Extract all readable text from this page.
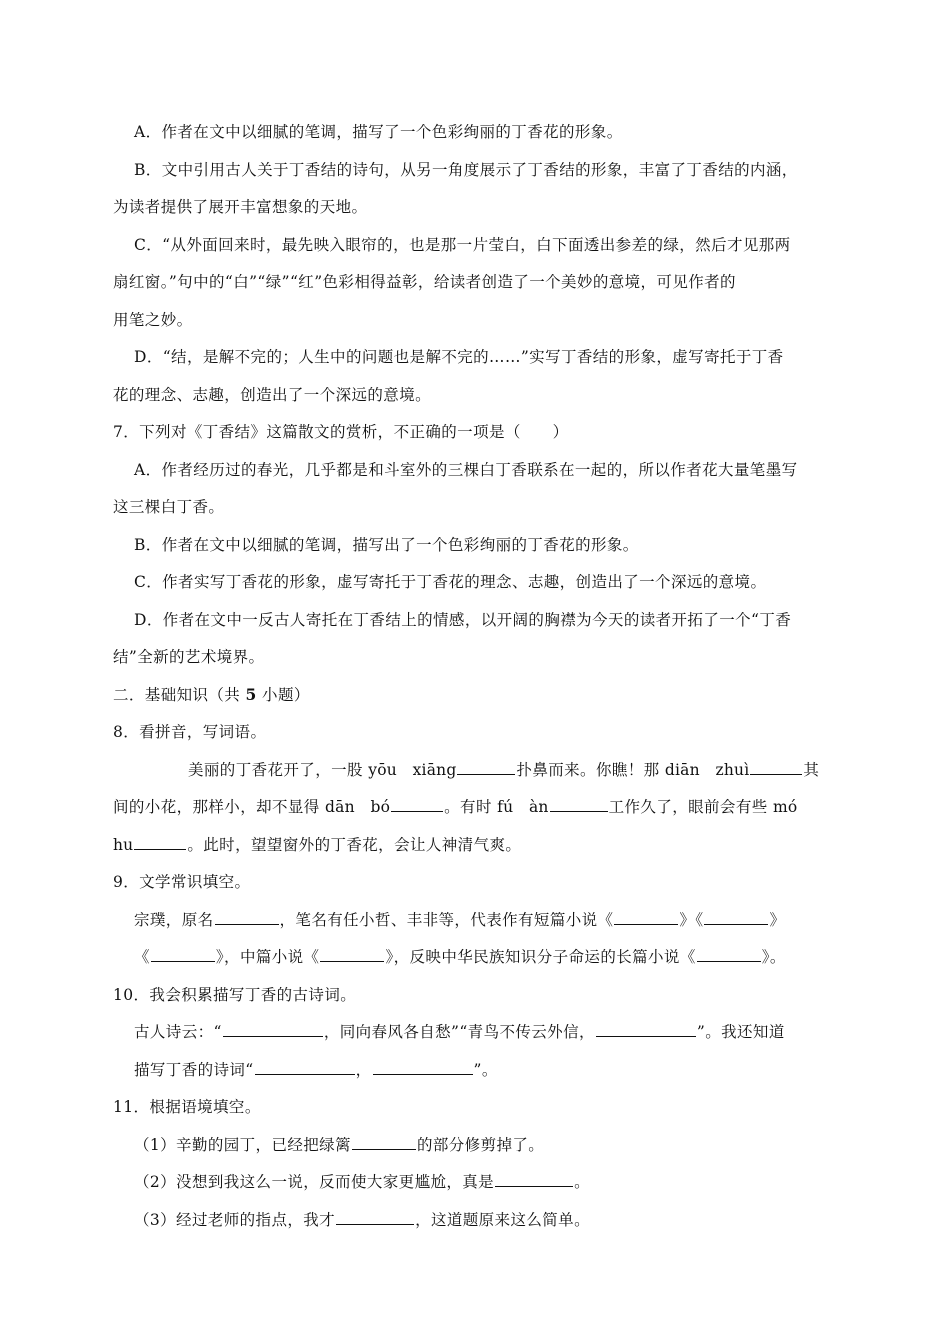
A．作者在文中以细腻的笔调，描写了一个色彩绚丽的丁香花的形象。
B．文中引用古人关于丁香结的诗句，从另一角度展示了丁香结的形象，丰富了丁香结的内涵，
为读者提供了展开丰富想象的天地。
C．“从外面回来时，最先映入眼帘的，也是那一片莹白，白下面透出参差的绿，然后才见那两
扇红窗。”句中的“白”“绿”“红”色彩相得益彰，给读者创造了一个美妙的意境，可见作者的
用笔之妙。
D．“结，是解不完的；人生中的问题也是解不完的……”实写丁香结的形象，虚写寄托于丁香
花的理念、志趣，创造出了一个深远的意境。
7．下列对《丁香结》这篇散文的赏析，不正确的一项是（　　）
A．作者经历过的春光，几乎都是和斗室外的三棵白丁香联系在一起的，所以作者花大量笔墨写
这三棵白丁香。
B．作者在文中以细腻的笔调，描写出了一个色彩绚丽的丁香花的形象。
C．作者实写丁香花的形象，虚写寄托于丁香花的理念、志趣，创造出了一个深远的意境。
D．作者在文中一反古人寄托在丁香结上的情感，以开阔的胸襟为今天的读者开拓了一个“丁香
结”全新的艺术境界。
二．基础知识（共 5 小题）
8．看拼音，写词语。
美丽的丁香花开了，一股 yōu　xiāng	扑鼻而来。你瞧！那 diān　zhuì	其
间的小花，那样小，却不显得 dān　bó	。有时 fú　àn	工作久了，眼前会有些 mó
hu	。此时，望望窗外的丁香花，会让人神清气爽。
9．文学常识填空。
宗璞，原名	，笔名有任小哲、丰非等，代表作有短篇小说《	》《	》
《	》，中篇小说《	》，反映中华民族知识分子命运的长篇小说《	》。
10．我会积累描写丁香的古诗词。
古人诗云：“	，同向春风各自愁”“青鸟不传云外信，	”。我还知道
描写丁香的诗词“	，	”。
11．根据语境填空。
（1）辛勤的园丁，已经把绿篱	的部分修剪掉了。
（2）没想到我这么一说，反而使大家更尴尬，真是	。
（3）经过老师的指点，我才	，这道题原来这么简单。
